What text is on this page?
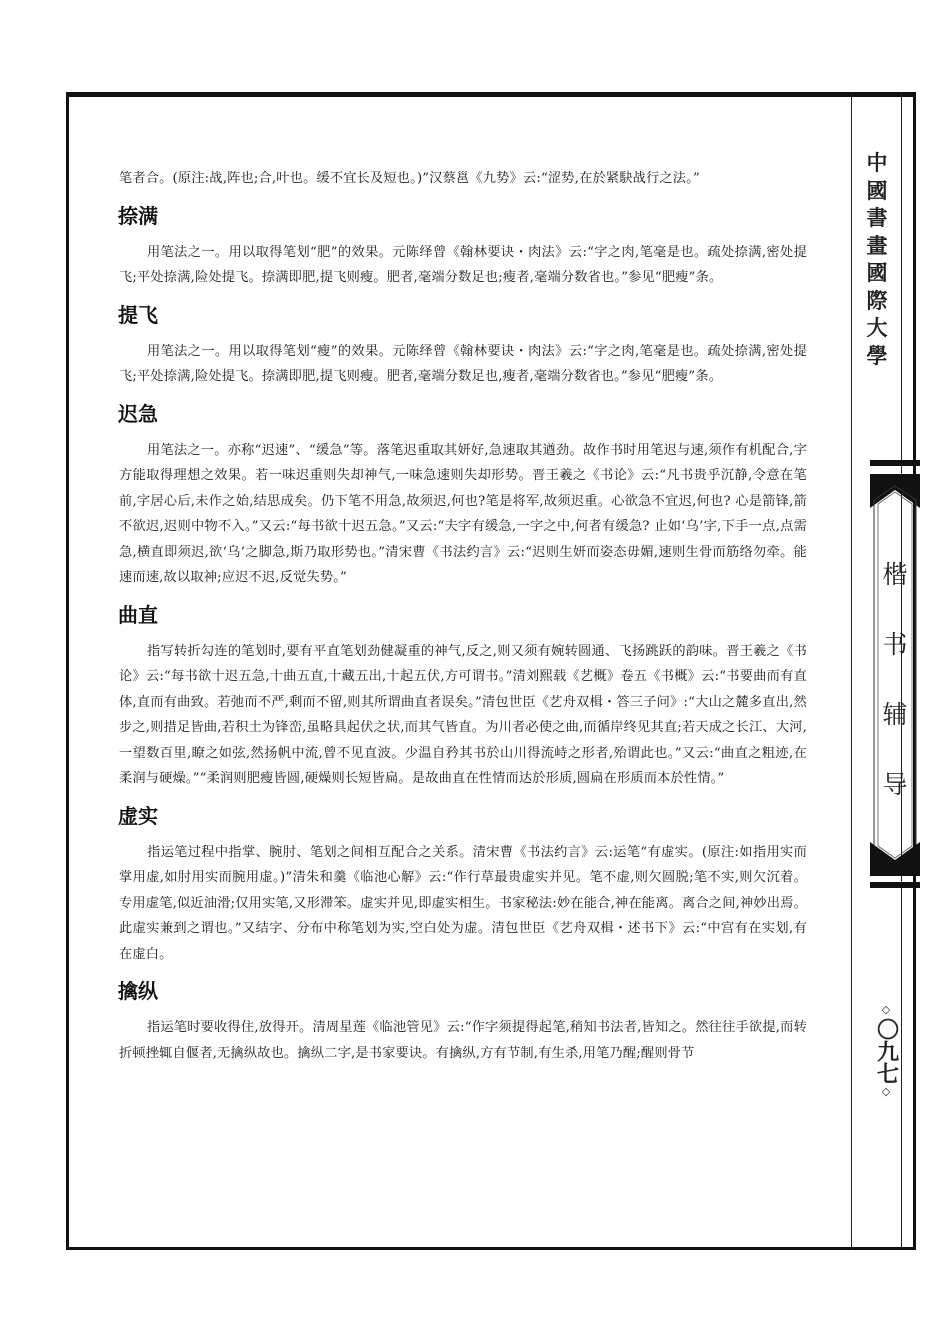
中
國
書
畫
國
際
大
學
楷
书
辅
导
◇
〇九七
◇

笔者合。(原注:战,阵也;合,叶也。缓不宜长及短也。)”汉蔡邕《九势》云:“涩势,在於紧駃战行之法。”

捺满

用笔法之一。用以取得笔划“肥”的效果。元陈绎曾《翰林要诀・肉法》云:“字之肉,笔毫是也。疏处捺满,密处提飞;平处捺满,险处提飞。捺满即肥,提飞则瘦。肥者,毫端分数足也;瘦者,毫端分数省也。”参见“肥瘦”条。

提飞

用笔法之一。用以取得笔划“瘦”的效果。元陈绎曾《翰林要诀・肉法》云:“字之肉,笔毫是也。疏处捺满,密处提飞;平处捺满,险处提飞。捺满即肥,提飞则瘦。肥者,毫端分数足也,瘦者,毫端分数省也。”参见“肥瘦”条。

迟急

用笔法之一。亦称“迟速”、“缓急”等。落笔迟重取其妍好,急速取其遒劲。故作书时用笔迟与速,须作有机配合,字方能取得理想之效果。若一味迟重则失却神气,一味急速则失却形势。晋王羲之《书论》云:“凡书贵乎沉静,令意在笔前,字居心后,未作之始,结思成矣。仍下笔不用急,故须迟,何也?笔是将军,故须迟重。心欲急不宜迟,何也? 心是箭锋,箭不欲迟,迟则中物不入。”又云:“每书欲十迟五急。”又云:“夫字有缓急,一字之中,何者有缓急? 止如‘乌’字,下手一点,点需急,横直即须迟,欲‘乌’之脚急,斯乃取形势也。”清宋曹《书法约言》云:“迟则生妍而姿态毋媚,速则生骨而筋络勿牵。能速而速,故以取神;应迟不迟,反觉失势。”

曲直

指写转折勾连的笔划时,要有平直笔划劲健凝重的神气,反之,则又须有婉转圆通、飞扬跳跃的韵味。晋王羲之《书论》云:“每书欲十迟五急,十曲五直,十藏五出,十起五伏,方可谓书。”清刘熙载《艺概》卷五《书概》云:“书要曲而有直体,直而有曲致。若弛而不严,剩而不留,则其所谓曲直者误矣。”清包世臣《艺舟双楫・答三子问》:“大山之麓多直出,然步之,则措足皆曲,若积土为锋峦,虽略具起伏之状,而其气皆直。为川者必使之曲,而循岸终见其直;若天成之长江、大河,一望数百里,瞭之如弦,然扬帆中流,曾不见直波。少温自矜其书於山川得流峙之形者,殆谓此也。”又云:“曲直之粗迹,在柔润与硬燥。”“柔润则肥瘦皆圆,硬燥则长短皆扁。是故曲直在性情而达於形质,圆扁在形质而本於性情。”

虚实

指运笔过程中指掌、腕肘、笔划之间相互配合之关系。清宋曹《书法约言》云:运笔“有虚实。(原注:如指用实而掌用虚,如肘用实而腕用虚。)”清朱和羹《临池心解》云:“作行草最贵虚实并见。笔不虚,则欠圆脱;笔不实,则欠沉着。专用虚笔,似近油滑;仅用实笔,又形滞笨。虚实并见,即虚实相生。书家秘法:妙在能合,神在能离。离合之间,神妙出焉。此虚实兼到之谓也。”又结字、分布中称笔划为实,空白处为虚。清包世臣《艺舟双楫・述书下》云:“中宫有在实划,有在虚白。

擒纵

指运笔时要收得住,放得开。清周星莲《临池管见》云:“作字须提得起笔,稍知书法者,皆知之。然往往手欲提,而转折顿挫辄自偃者,无擒纵故也。擒纵二字,是书家要诀。有擒纵,方有节制,有生杀,用笔乃醒;醒则骨节
